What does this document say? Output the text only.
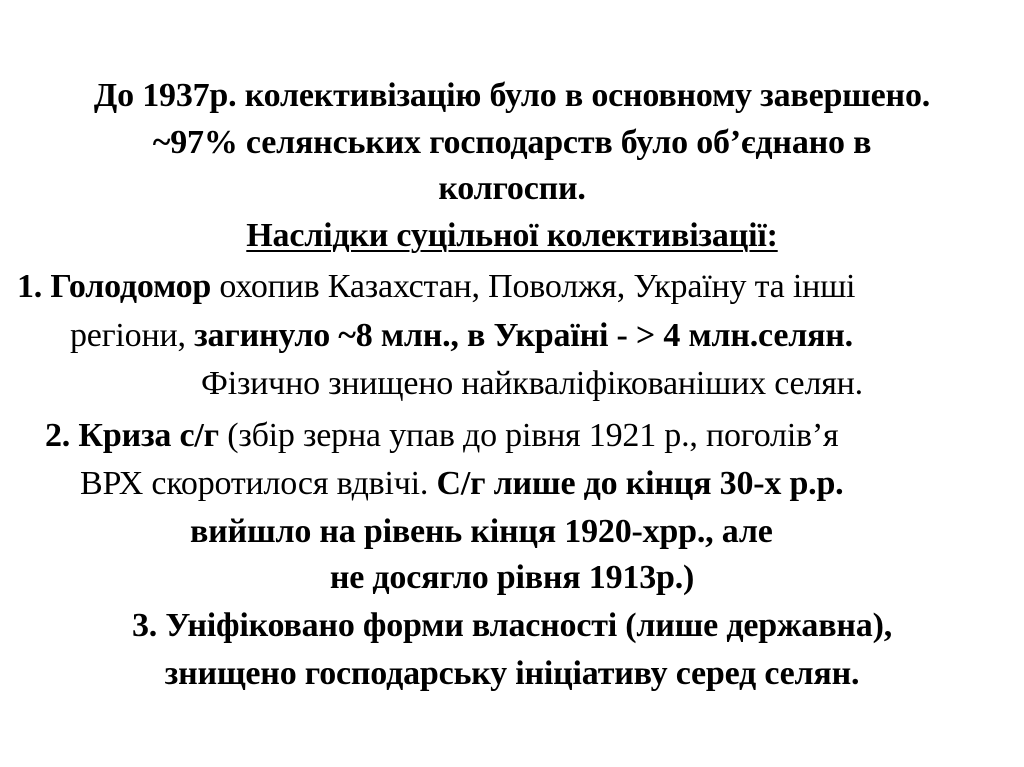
До 1937р. колективізацію було в основному завершено.
~97% селянських господарств було об’єднано в
колгоспи.
Наслідки суцільної колективізації:
1. Голодомор охопив Казахстан, Поволжя, Україну та інші
регіони, загинуло ~8 млн., в Україні - > 4 млн.селян.
Фізично знищено найкваліфікованіших селян.
2. Криза с/г (збір зерна упав до рівня 1921 р., поголів’я
ВРХ скоротилося вдвічі. С/г лише до кінця 30-х р.р.
вийшло на рівень кінця 1920-хрр., але
не досягло рівня 1913р.)
3. Уніфіковано форми власності (лише державна),
знищено господарську ініціативу серед селян.
